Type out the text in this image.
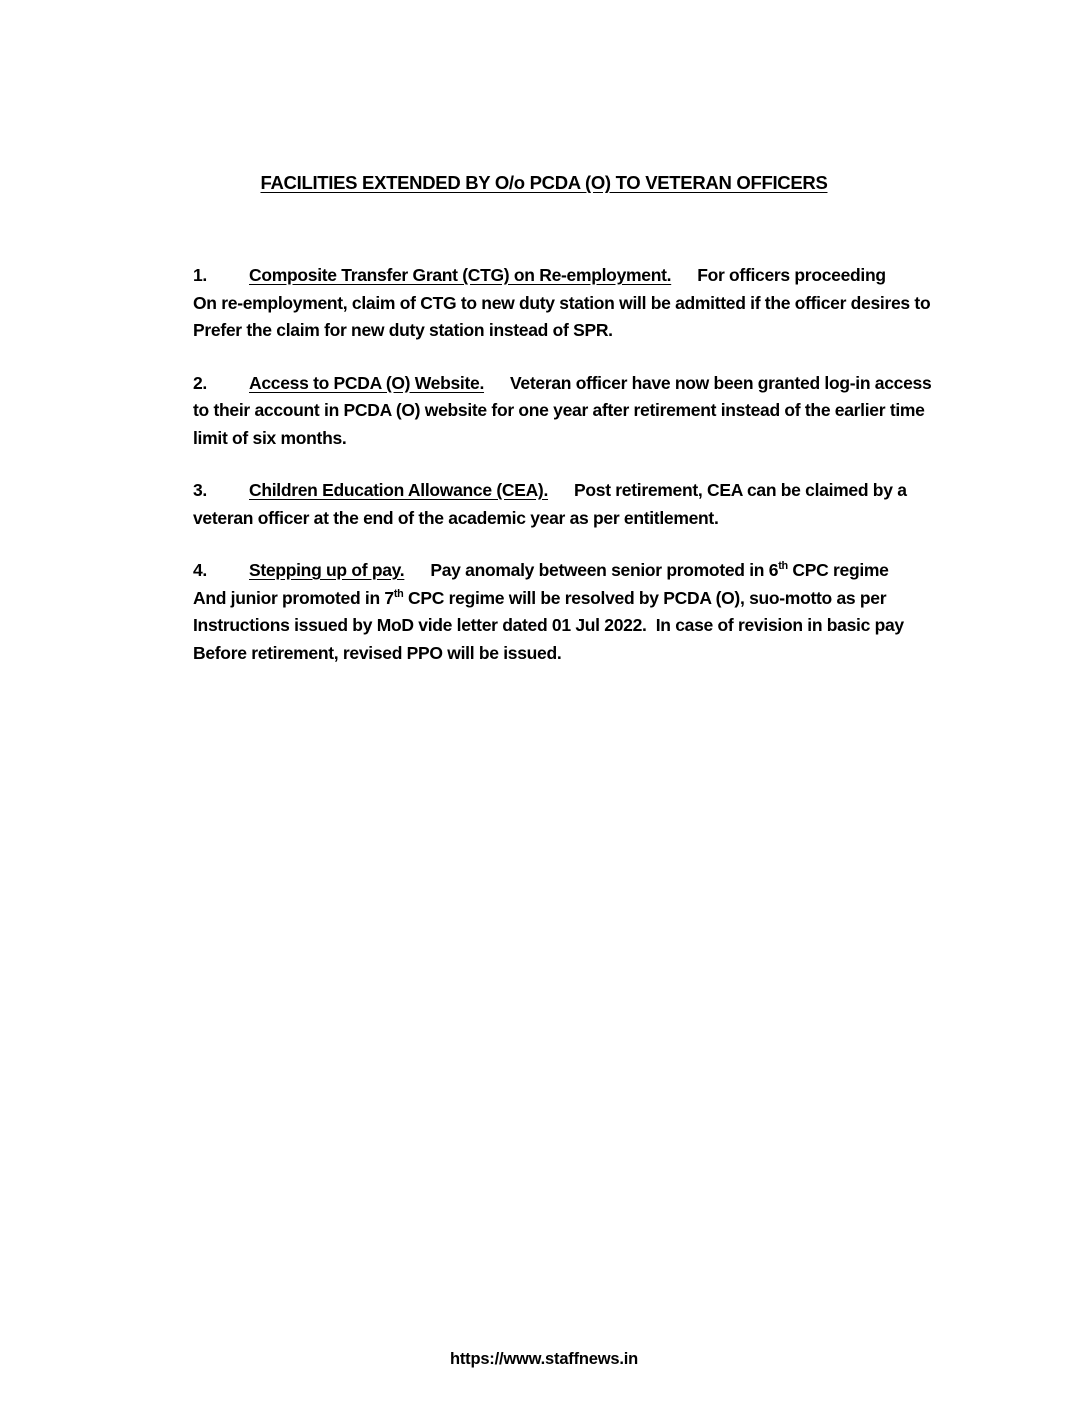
FACILITIES EXTENDED BY O/o PCDA (O) TO VETERAN OFFICERS
1. Composite Transfer Grant (CTG) on Re-employment. For officers proceeding
On re-employment, claim of CTG to new duty station will be admitted if the officer desires to
Prefer the claim for new duty station instead of SPR.
2. Access to PCDA (O) Website. Veteran officer have now been granted log-in access
to their account in PCDA (O) website for one year after retirement instead of the earlier time
limit of six months.
3. Children Education Allowance (CEA). Post retirement, CEA can be claimed by a
veteran officer at the end of the academic year as per entitlement.
4. Stepping up of pay. Pay anomaly between senior promoted in 6th CPC regime
And junior promoted in 7th CPC regime will be resolved by PCDA (O), suo-motto as per
Instructions issued by MoD vide letter dated 01 Jul 2022.  In case of revision in basic pay
Before retirement, revised PPO will be issued.
https://www.staffnews.in
